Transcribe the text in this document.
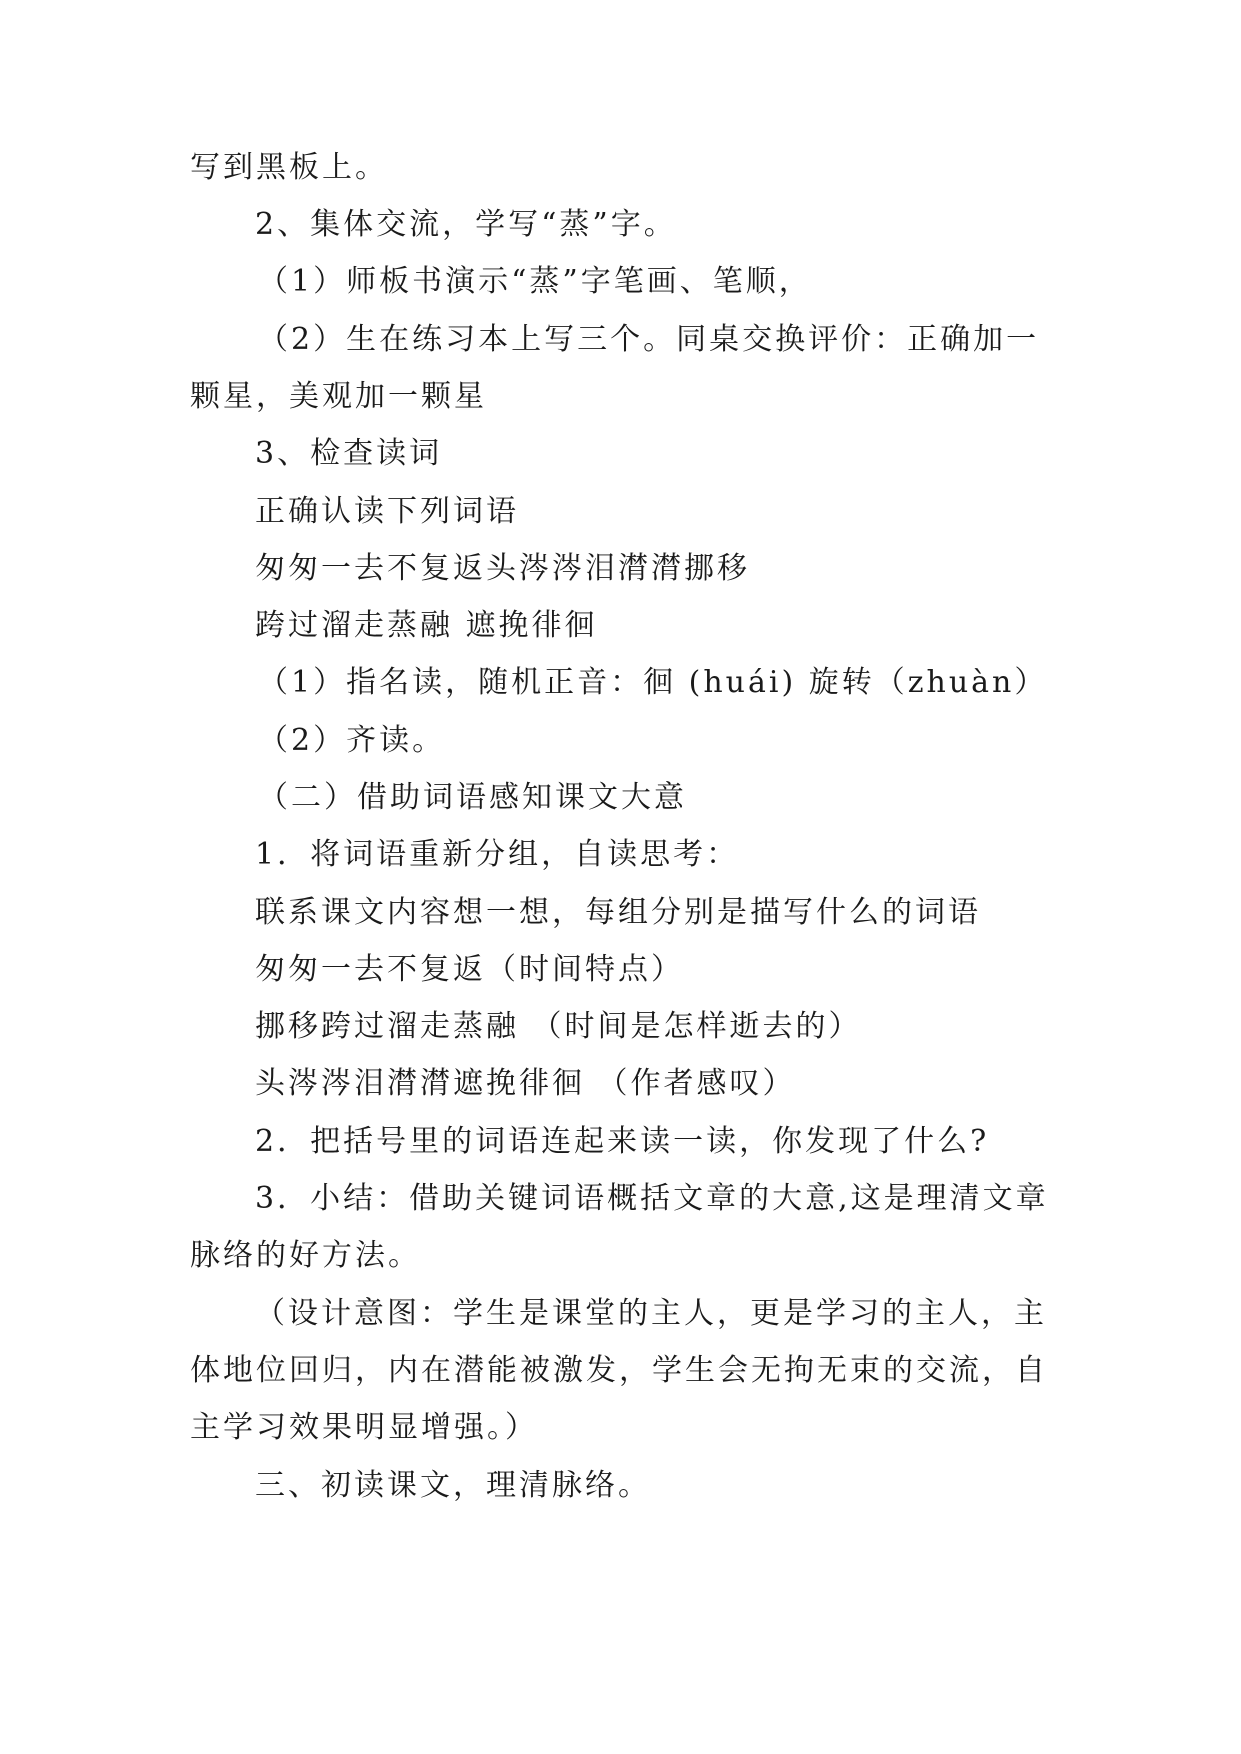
写到黑板上。
2、集体交流，学写“蒸”字。
（1）师板书演示“蒸”字笔画、笔顺，
（2）生在练习本上写三个。同桌交换评价：正确加一
颗星，美观加一颗星
3、检查读词
正确认读下列词语
匆匆一去不复返头涔涔泪潸潸挪移
跨过溜走蒸融 遮挽徘徊
（1）指名读，随机正音：徊 (huái) 旋转（zhuàn）
（2）齐读。
（二）借助词语感知课文大意
1．将词语重新分组，自读思考：
联系课文内容想一想，每组分别是描写什么的词语
匆匆一去不复返（时间特点）
挪移跨过溜走蒸融 （时间是怎样逝去的）
头涔涔泪潸潸遮挽徘徊 （作者感叹）
2．把括号里的词语连起来读一读，你发现了什么?
3．小结：借助关键词语概括文章的大意,这是理清文章
脉络的好方法。
（设计意图：学生是课堂的主人，更是学习的主人，主
体地位回归，内在潜能被激发，学生会无拘无束的交流，自
主学习效果明显增强。）
三、初读课文，理清脉络。
